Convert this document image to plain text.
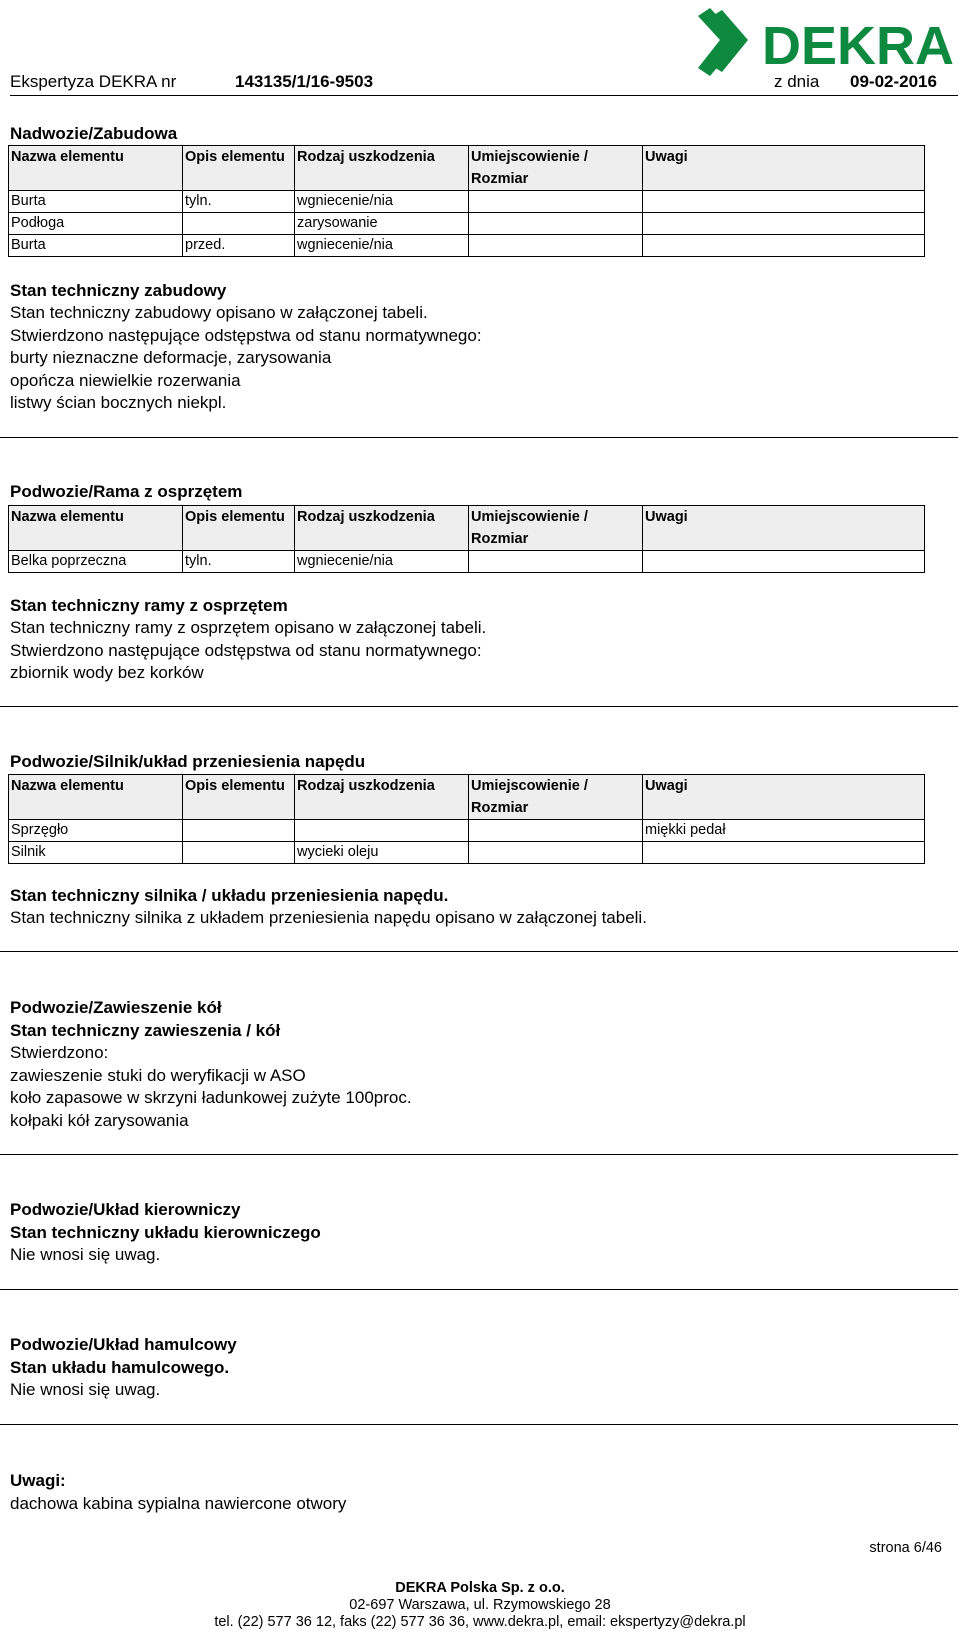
DEKRA
Ekspertyza DEKRA nr	143135/1/16-9503	z dnia 09-02-2016
Nadwozie/Zabudowa
Nazwa elementu	Opis elementu	Rodzaj uszkodzenia	Umiejscowienie / Rozmiar	Uwagi
Burta	tyln.	wgniecenie/nia		
Podłoga		zarysowanie		
Burta	przed.	wgniecenie/nia		
Stan techniczny zabudowy
Stan techniczny zabudowy opisano w załączonej tabeli.
Stwierdzono następujące odstępstwa od stanu normatywnego:
burty nieznaczne deformacje, zarysowania
opończa niewielkie rozerwania
listwy ścian bocznych niekpl.
Podwozie/Rama z osprzętem
Nazwa elementu	Opis elementu	Rodzaj uszkodzenia	Umiejscowienie / Rozmiar	Uwagi
Belka poprzeczna	tyln.	wgniecenie/nia		
Stan techniczny ramy z osprzętem
Stan techniczny ramy z osprzętem opisano w załączonej tabeli.
Stwierdzono następujące odstępstwa od stanu normatywnego:
zbiornik wody bez korków
Podwozie/Silnik/układ przeniesienia napędu
Nazwa elementu	Opis elementu	Rodzaj uszkodzenia	Umiejscowienie / Rozmiar	Uwagi
Sprzęgło				miękki pedał
Silnik		wycieki oleju		
Stan techniczny silnika / układu przeniesienia napędu.
Stan techniczny silnika z układem przeniesienia napędu opisano w załączonej tabeli.
Podwozie/Zawieszenie kół
Stan techniczny zawieszenia / kół
Stwierdzono:
zawieszenie stuki do weryfikacji w ASO
koło zapasowe w skrzyni ładunkowej zużyte 100proc.
kołpaki kół zarysowania
Podwozie/Układ kierowniczy
Stan techniczny układu kierowniczego
Nie wnosi się uwag.
Podwozie/Układ hamulcowy
Stan układu hamulcowego.
Nie wnosi się uwag.
Uwagi:
dachowa kabina sypialna nawiercone otwory
strona 6/46
DEKRA Polska Sp. z o.o.
02-697 Warszawa, ul. Rzymowskiego 28
tel. (22) 577 36 12, faks (22) 577 36 36, www.dekra.pl, email: ekspertyzy@dekra.pl
